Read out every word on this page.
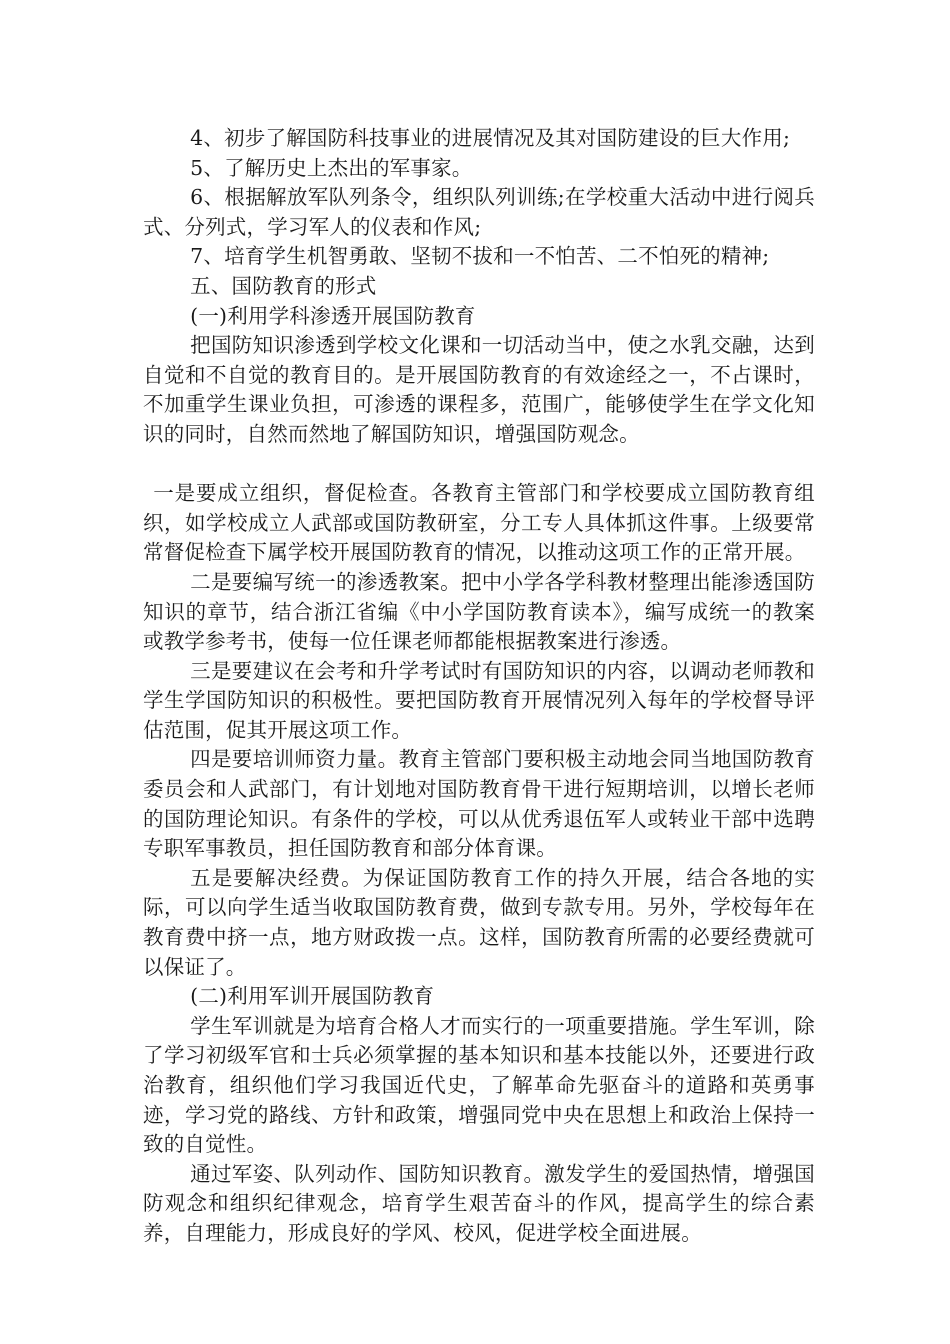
4、初步了解国防科技事业的进展情况及其对国防建设的巨大作用;

5、了解历史上杰出的军事家。

6、根据解放军队列条令，组织队列训练;在学校重大活动中进行阅兵式、分列式，学习军人的仪表和作风;

7、培育学生机智勇敢、坚韧不拔和一不怕苦、二不怕死的精神;

五、国防教育的形式

(一)利用学科渗透开展国防教育

把国防知识渗透到学校文化课和一切活动当中，使之水乳交融，达到自觉和不自觉的教育目的。是开展国防教育的有效途经之一，不占课时，不加重学生课业负担，可渗透的课程多，范围广，能够使学生在学文化知识的同时，自然而然地了解国防知识，增强国防观念。

一是要成立组织，督促检查。各教育主管部门和学校要成立国防教育组织，如学校成立人武部或国防教研室，分工专人具体抓这件事。上级要常常督促检查下属学校开展国防教育的情况，以推动这项工作的正常开展。

二是要编写统一的渗透教案。把中小学各学科教材整理出能渗透国防知识的章节，结合浙江省编《中小学国防教育读本》，编写成统一的教案或教学参考书，使每一位任课老师都能根据教案进行渗透。

三是要建议在会考和升学考试时有国防知识的内容，以调动老师教和学生学国防知识的积极性。要把国防教育开展情况列入每年的学校督导评估范围，促其开展这项工作。

四是要培训师资力量。教育主管部门要积极主动地会同当地国防教育委员会和人武部门，有计划地对国防教育骨干进行短期培训，以增长老师的国防理论知识。有条件的学校，可以从优秀退伍军人或转业干部中选聘专职军事教员，担任国防教育和部分体育课。

五是要解决经费。为保证国防教育工作的持久开展，结合各地的实际，可以向学生适当收取国防教育费，做到专款专用。另外，学校每年在教育费中挤一点，地方财政拨一点。这样，国防教育所需的必要经费就可以保证了。

(二)利用军训开展国防教育

学生军训就是为培育合格人才而实行的一项重要措施。学生军训，除了学习初级军官和士兵必须掌握的基本知识和基本技能以外，还要进行政治教育，组织他们学习我国近代史，了解革命先驱奋斗的道路和英勇事迹，学习党的路线、方针和政策，增强同党中央在思想上和政治上保持一致的自觉性。

通过军姿、队列动作、国防知识教育。激发学生的爱国热情，增强国防观念和组织纪律观念，培育学生艰苦奋斗的作风，提高学生的综合素养，自理能力，形成良好的学风、校风，促进学校全面进展。
